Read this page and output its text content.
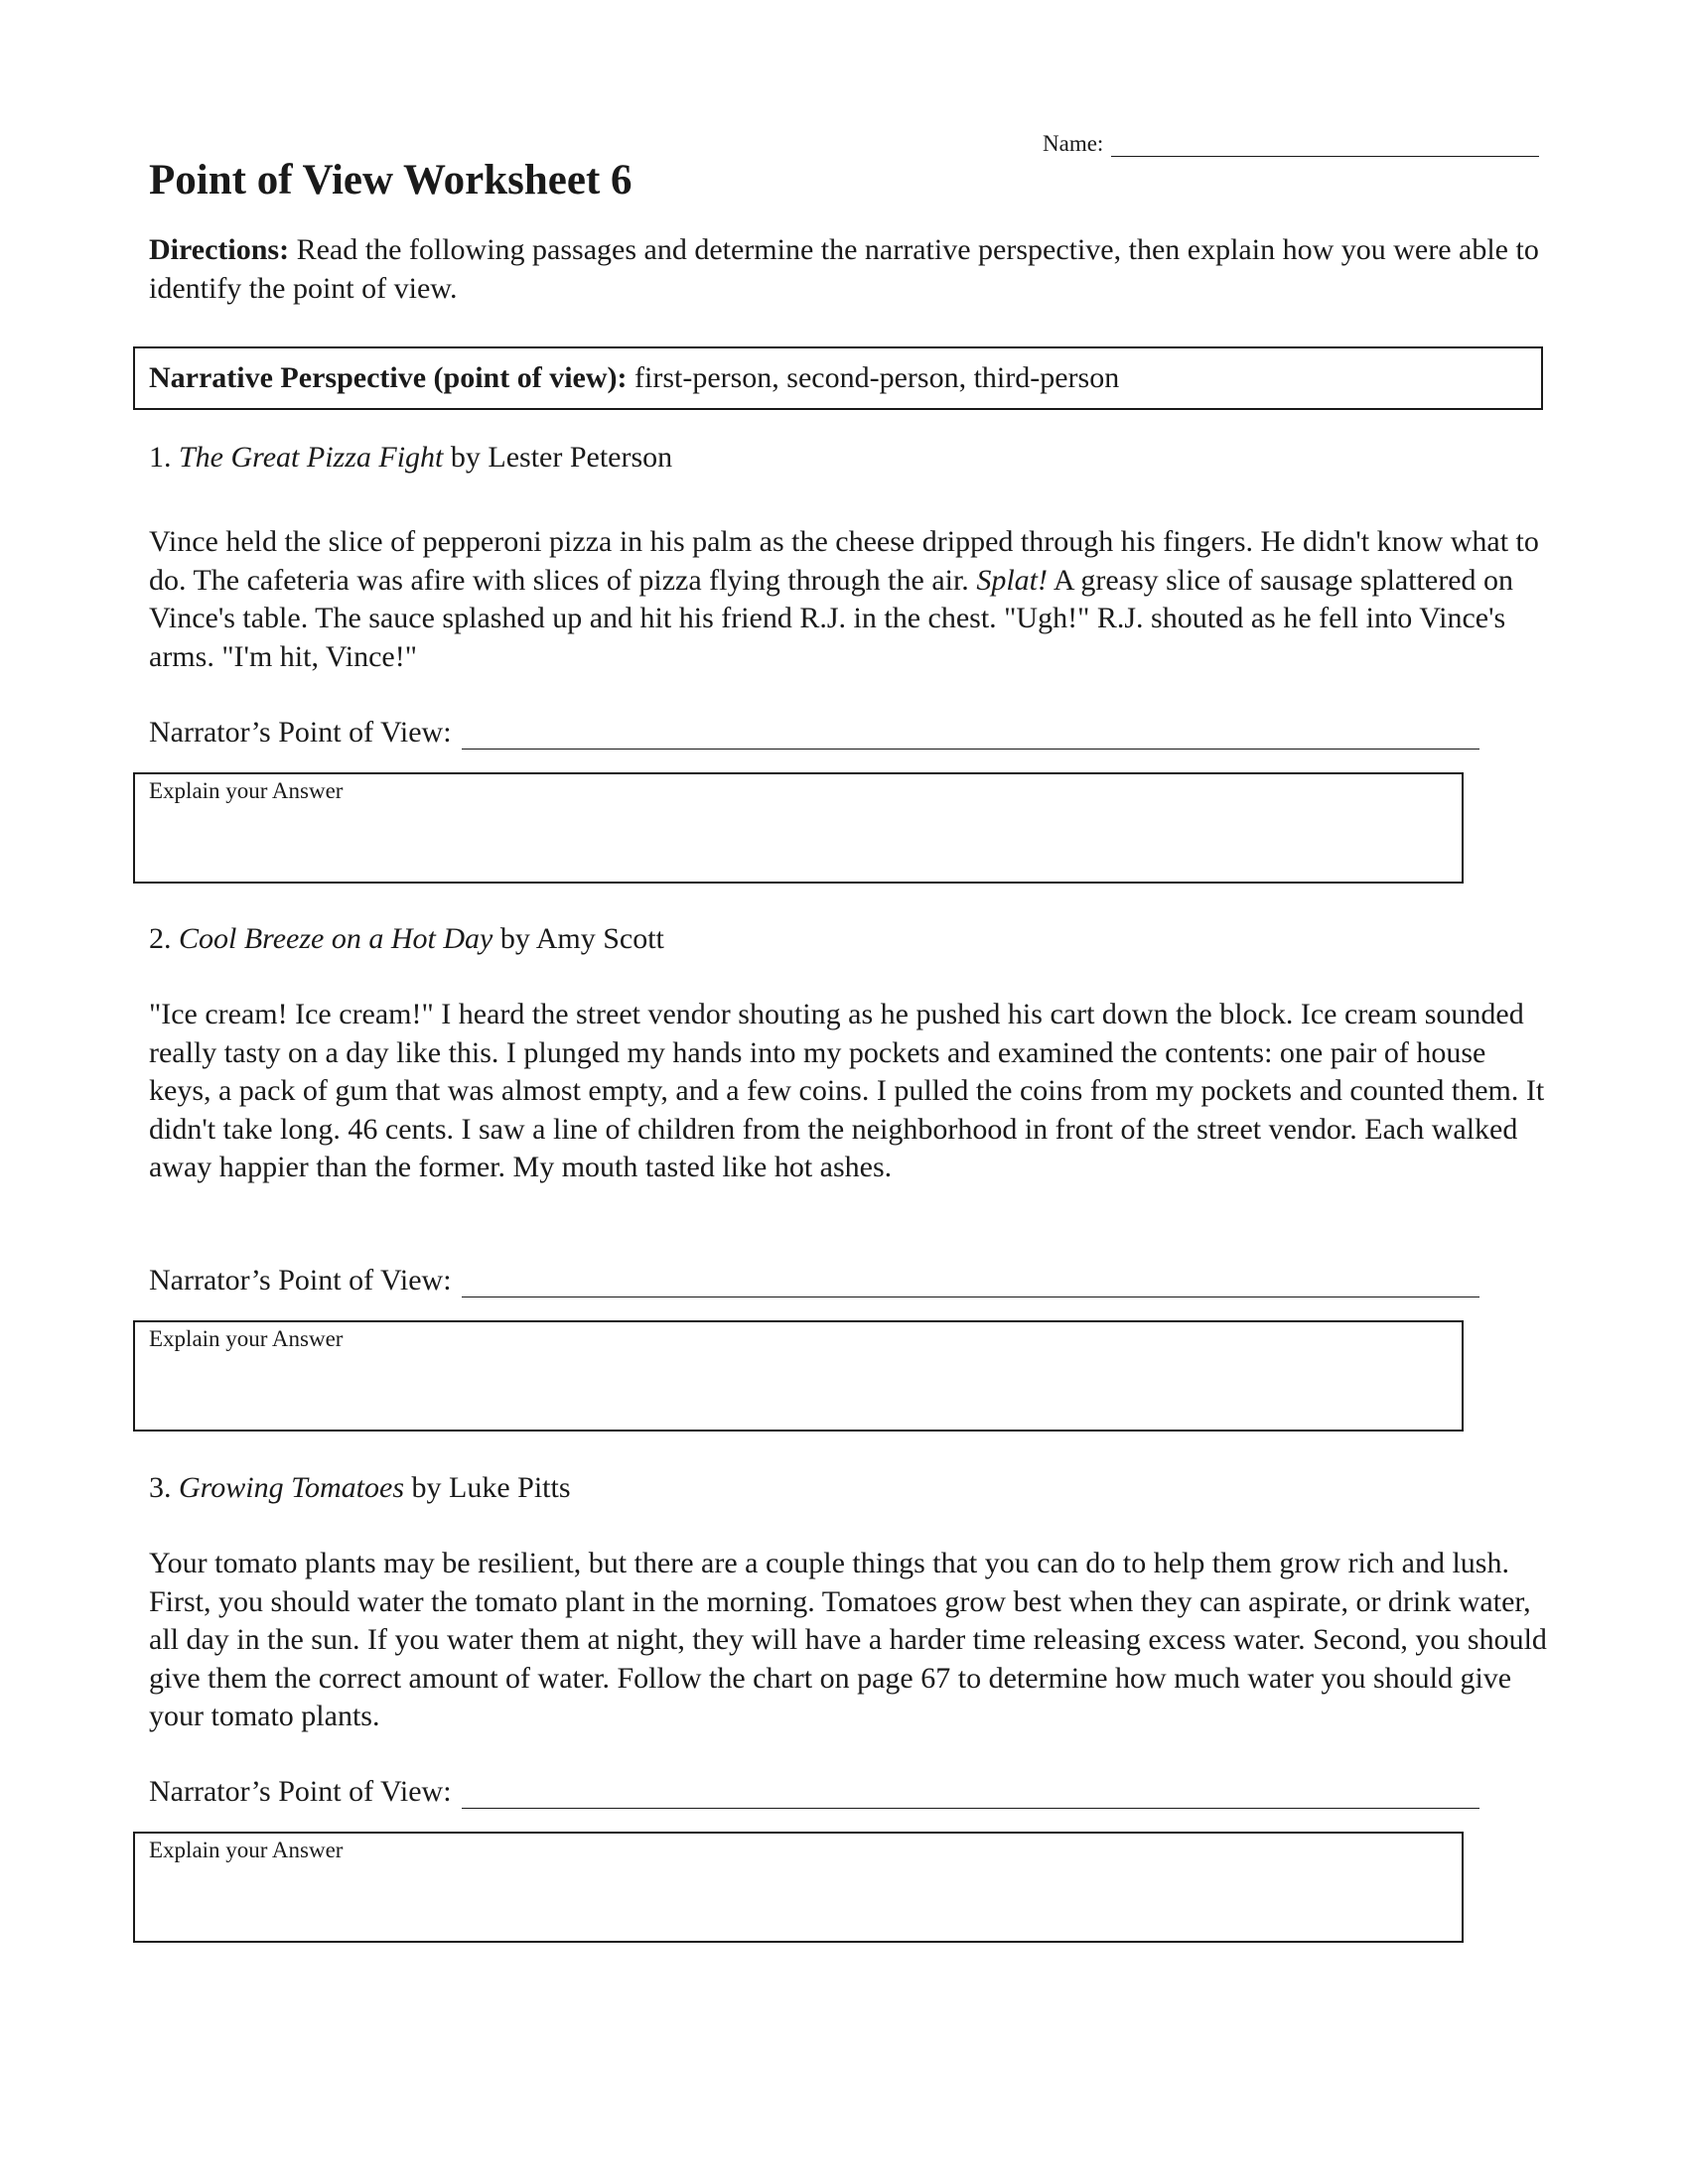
Name:
Point of View Worksheet 6

Directions: Read the following passages and determine the narrative perspective, then explain how you were able to identify the point of view.

Narrative Perspective (point of view): first-person, second-person, third-person

1. The Great Pizza Fight by Lester Peterson

Vince held the slice of pepperoni pizza in his palm as the cheese dripped through his fingers. He didn't know what to do. The cafeteria was afire with slices of pizza flying through the air. Splat! A greasy slice of sausage splattered on Vince's table. The sauce splashed up and hit his friend R.J. in the chest. "Ugh!" R.J. shouted as he fell into Vince's arms. "I'm hit, Vince!"

Narrator’s Point of View:
Explain your Answer

2. Cool Breeze on a Hot Day by Amy Scott

"Ice cream! Ice cream!" I heard the street vendor shouting as he pushed his cart down the block. Ice cream sounded really tasty on a day like this. I plunged my hands into my pockets and examined the contents: one pair of house keys, a pack of gum that was almost empty, and a few coins. I pulled the coins from my pockets and counted them. It didn't take long. 46 cents. I saw a line of children from the neighborhood in front of the street vendor. Each walked away happier than the former. My mouth tasted like hot ashes.

Narrator’s Point of View:
Explain your Answer

3. Growing Tomatoes by Luke Pitts

Your tomato plants may be resilient, but there are a couple things that you can do to help them grow rich and lush. First, you should water the tomato plant in the morning. Tomatoes grow best when they can aspirate, or drink water, all day in the sun. If you water them at night, they will have a harder time releasing excess water. Second, you should give them the correct amount of water. Follow the chart on page 67 to determine how much water you should give your tomato plants.

Narrator’s Point of View:
Explain your Answer
